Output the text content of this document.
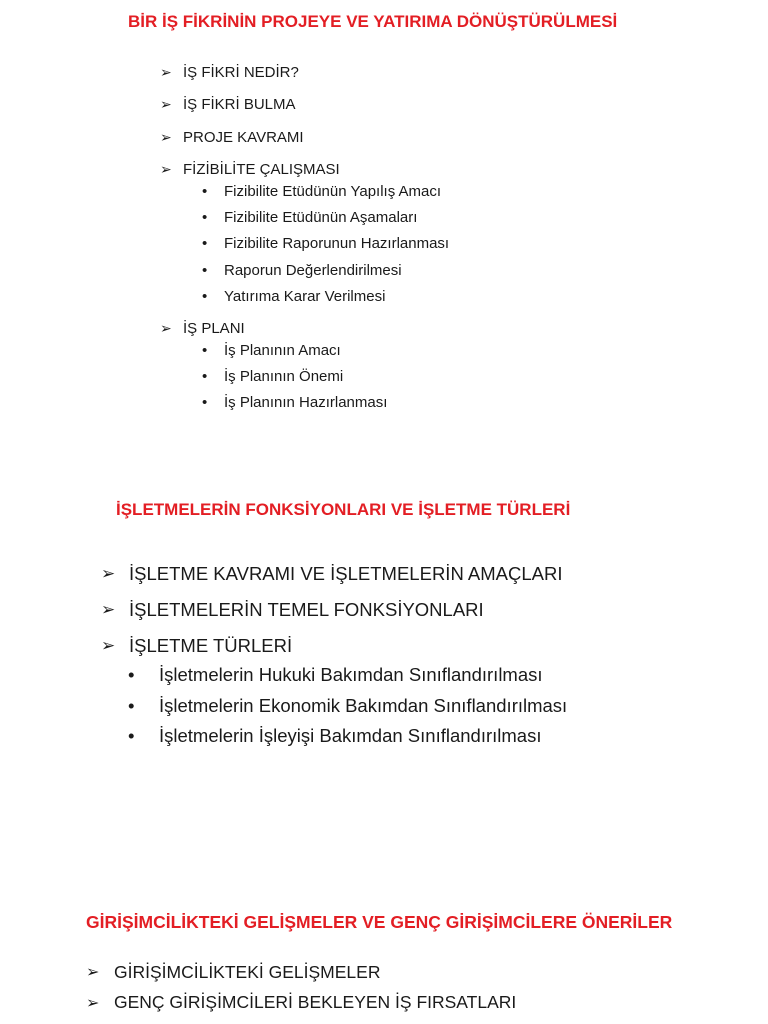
BİR İŞ FİKRİNİN PROJEYE VE YATIRIMA DÖNÜŞTÜRÜLMESİ
➢ İŞ FİKRİ NEDİR?
➢ İŞ FİKRİ BULMA
➢ PROJE KAVRAMI
➢ FİZİBİLİTE ÇALIŞMASI
•	Fizibilite Etüdünün Yapılış Amacı
•	Fizibilite Etüdünün Aşamaları
•	Fizibilite Raporunun Hazırlanması
•	Raporun Değerlendirilmesi
•	Yatırıma Karar Verilmesi
➢ İŞ PLANI
•	İş Planının Amacı
•	İş Planının Önemi
•	İş Planının Hazırlanması
İŞLETMELERİN FONKSİYONLARI VE İŞLETME TÜRLERİ
➢ İŞLETME KAVRAMI VE İŞLETMELERİN AMAÇLARI
➢ İŞLETMELERİN TEMEL FONKSİYONLARI
➢ İŞLETME TÜRLERİ
•	İşletmelerin Hukuki Bakımdan Sınıflandırılması
•	İşletmelerin Ekonomik Bakımdan Sınıflandırılması
•	İşletmelerin İşleyişi Bakımdan Sınıflandırılması
GİRİŞİMCİLİKTEKİ GELİŞMELER VE GENÇ GİRİŞİMCİLERE ÖNERİLER
➢ GİRİŞİMCİLİKTEKİ GELİŞMELER
➢ GENÇ GİRİŞİMCİLERİ BEKLEYEN İŞ FIRSATLARI
